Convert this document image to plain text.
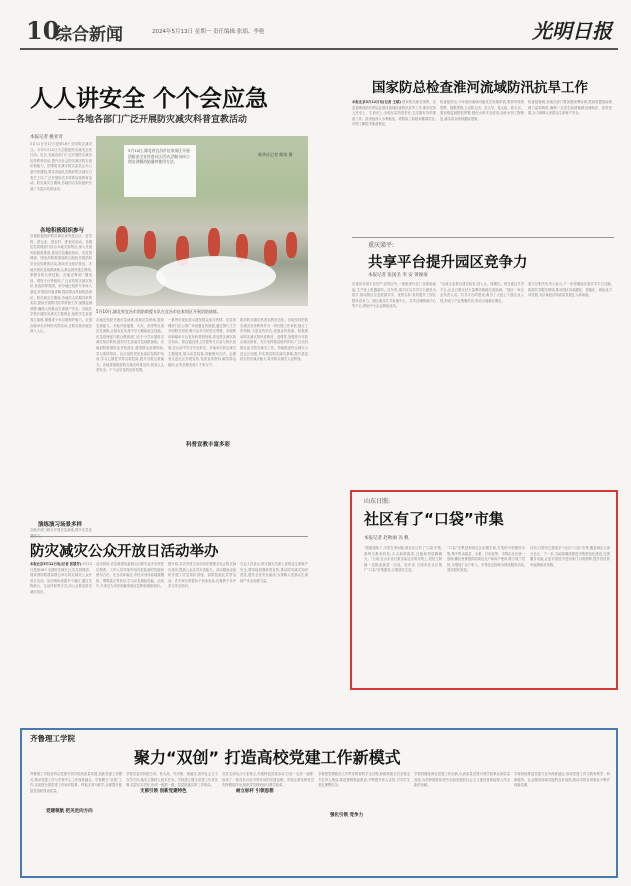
10
综合新闻	2024年5月13日 星期一 责任编辑:张娟、李艳	光明日报
人人讲安全 个个会应急
——各地各部门广泛开展防灾减灾科普宣教活动
本报记者 姚亚奇
5月11日至17日是第16个全国防灾减灾日。今年5月12日为主题是防灾减灾全民行动。近日,各地各部门广泛开展防灾减灾宣传教育活动,提升全社会防灾减灾救灾意识和能力。国家防灾减灾救灾委员会办公室印发通知,要求各地扎实做好防灾减灾日有关工作,广泛开展形式多样的宣传教育活动。防灾减灾日期间,各地结合实际组织开展了丰富多彩的活动。
各地积极组织参与
各地积极组织防灾减灾宣传进社区、进学校、进企业、进农村、进家庭活动。各级应急管理部门结合本地灾害特点,深入开展风险隐患排查,普及应急避险知识。应急管理部、国家消防救援局联合组织开展消防安全宣传教育活动,推动安全知识普及。多地开展应急疏散演练,让群众熟悉逃生路线,掌握自救互救技能。各地还利用广播电视、网络平台等载体,广泛宣传防灾减灾知识,营造浓厚氛围。部分地区组织专家深入基层,开展面对面讲解,提高群众风险防范意识。防灾减灾日期间,各地结合汛期到来的实际,提前开展防汛抗旱准备工作,加强监测预警,确保人民群众生命财产安全。各地在学校开展防灾减灾主题班会,组织学生参加逃生演练,增强青少年自我保护能力。全国各地举办多种形式的活动,让防灾减灾理念深入人心。
5月10日,湖北省宜昌市伍家岗区开展消防安全宣传进社区活动,消防员向小朋友讲解消防器材使用方法。
新华社记者 熊琦 摄
5月10日,湖北省宜昌市消防救援支队在宜昌市伍家岗区开展消防演练。
各地还组织开展应急演练,检验应急预案,提高实战能力。多地开展地震、火灾、洪涝等灾害应急演练,让群众在实战中学习避险逃生技能。应急管理部门联合教育部门在中小学开展防灾减灾知识教育,组织学生参加应急疏散演练。各地消防救援队伍开放营区,邀请群众参观体验,学习消防知识。社区组织居民参加应急救护培训,学习心肺复苏等急救技能,提升自救互救能力。各地持续推进防灾减灾科普宣传,营造人人讲安全、个个会应急的良好氛围。
一系列可视化展示激发群众参与热情。应急管理部门在公园广场设置宣传展板,通过图片文字介绍防灾知识,吸引众多市民驻足观看。各地利用新媒体平台发布科普短视频,普及防灾减灾救灾知识。群众通过线上答题等方式参与知识竞赛,在互动中学习安全常识。多地举办防灾减灾主题展览,展示应急装备,讲解使用方法。志愿者走进社区开展宣传,发放宣传资料,解答群众疑问,让安全理念深入千家万户。
科普宣教丰富多彩
推动防灾减灾科普宣教常态化。各地坚持把防灾减灾宣传教育作为一项长期工作来抓,健全工作机制,丰富宣传形式,拓展宣传渠道。积极推动防灾减灾知识进教材、进课堂,加强青少年防灾减灾教育。充分发挥基层组织作用,广泛动员群众参与防灾减灾工作。持续推进综合减灾示范社区创建,夯实基层防灾减灾基础,提升基层综合防灾减灾能力,筑牢防灾减灾人民防线。
演练演习场景多样
各地多部门联合开展应急演练,提升应急处
防灾减灾公众开放日活动举办
本报北京5月12日电(记者 张慧芳) 5月12日是第16个全国防灾减灾日,应急管理部、国家消防救援局联合举办防灾减灾公众开放日活动。活动现场设置多个展区,通过实物展示、互动体验等方式,向公众普及防灾减灾知识。
活动现场,应急救援装备展示区吸引众多市民驻足观看。工作人员详细介绍各类装备的性能和使用方法。在互动体验区,市民亲身体验地震模拟、烟雾逃生等项目,学习应急避险技能。活动中,专家还为市民讲解家庭应急物资储备知识。
据介绍,本次开放日活动旨在增强全社会防灾减灾意识,提高公众应对灾害能力。活动期间还组织开展了应急知识讲座、消防技能比武等活动。许多家长带着孩子前来参加,在寓教于乐中学习安全知识。
与会人员表示,防灾减灾关系人民群众生命财产安全,要持续加强科普宣传,推动防灾减灾知识普及,提升全民安全素质,为保障人民群众生命财产安全贡献力量。
国家防总检查淮河流域防汛抗旱工作
本报北京5月12日电(记者 王斌) 国家防总副总指挥、应急管理部部长带队赴淮河流域检查防汛抗旱工作,要求坚持人民至上、生命至上,全面压实防汛责任,扎实做好各项准备工作。检查组深入水利枢纽、堤防险工险段和蓄滞洪区,详细了解防汛准备情况。
检查组指出,今年淮河流域可能发生较重汛情,要树牢底线思维、极限思维,立足防大汛、抗大旱、抢大险、救大灾。要加强监测预报预警,强化水库安全度汛,加快水毁工程修复,落实群众转移避险措施。
检查组强调,各级各部门要加强统筹协调,提前预置抢险救援力量和物资,确保一旦发生险情能够迅速响应、高效处置,全力保障人民群众生命财产安全。
重庆梁平:
共享平台提升园区竞争力
本报记者 张国圣 李 安 黄俊豪
在重庆市梁平区的产业园区内,一座座现代化厂房拔地而起,生产线上机器轰鸣。近年来,梁平区以共享平台建设为抓手,推动园区企业资源共享、优势互补,有效提升了园区整体竞争力。园区建设共享检测中心、共享仓储物流中心等平台,帮助中小企业降低成本。
“以前企业要自建实验室,投入大、周期长。现在通过共享平台,企业只需支付少量费用就能完成检测。”园区一家企业负责人说。共享平台的建设,吸引了大批上下游企业入驻,形成了产业集聚效应,带动当地就业增长。
梁平区相关负责人表示,下一步将继续完善共享平台功能,拓展共享服务领域,推动园区向高端化、智能化、绿色化方向发展,为区域经济高质量发展注入新动能。
山东日照:
社区有了“口袋”市集
本报记者 赵秋丽 冯 帆
“我刚退休了,平时在家闲着,现在社区有了‘口袋’市集,我每天都来转转,买点新鲜蔬菜,还能和邻居聊聊天。”日前,在山东省日照市某社区的市集上,居民王阿姨一边挑选蔬菜一边说。近年来,日照市在社区推广“口袋”市集建设,方便居民生活。
“口袋”市集是利用社区闲置空间,打造的小型便民市集,集中售卖蔬菜、水果、日用品等。市集由社区统一管理,摊位免费提供给周边农户和商户使用,既方便了居民,又增加了农户收入。市集还定期举办便民服务活动,受到居民欢迎。
目前,日照市已建成多个社区“口袋”市集,覆盖城区大部分社区。下一步,当地将继续推进市集规范化建设,完善服务功能,让更多居民享受到家门口的便利,提升居民的幸福感和获得感。
齐鲁理工学院
聚力“双创” 打造高校党建工作新模式
齐鲁理工学院坚持以党建引领学校高质量发展,创新党建工作模式,推动党建工作与学校中心工作深度融合。学校聚力“双创”工作,以创建全国党建工作标杆院系、样板支部为抓手,全面提升基层党组织建设质量。
党建领航 把关定向方向
学校党委坚持把方向、管大局、作决策、保落实,坚持社会主义办学方向,落实立德树人根本任务。学校建立健全党建工作责任制,层层压实责任,形成一级抓一级、层层抓落实的工作格局。
支部引领 创新党建特色
各党支部结合专业特点,开展特色党建活动,打造一支部一品牌,形成了一批具有示范引领作用的党建品牌。学校注重发挥党员先锋模范作用,组织党员教师参与教学改革。
树立标杆 引领思想
学校把思想政治工作贯穿教育教学全过程,积极构建全员全程全方位育人格局,推进课程思政建设,不断提升育人实效,引导学生坚定理想信念。
强化引领 竞争力
学校将继续深化党建工作创新,以高质量党建引领学校事业高质量发展,为培养德智体美劳全面发展的社会主义建设者和接班人作出新的贡献。
学校持续推进党建与业务深度融合,形成党建工作与教育教学、科研服务、社会服务同频共振的良好局面,推动学校各项事业不断开创新局面。
